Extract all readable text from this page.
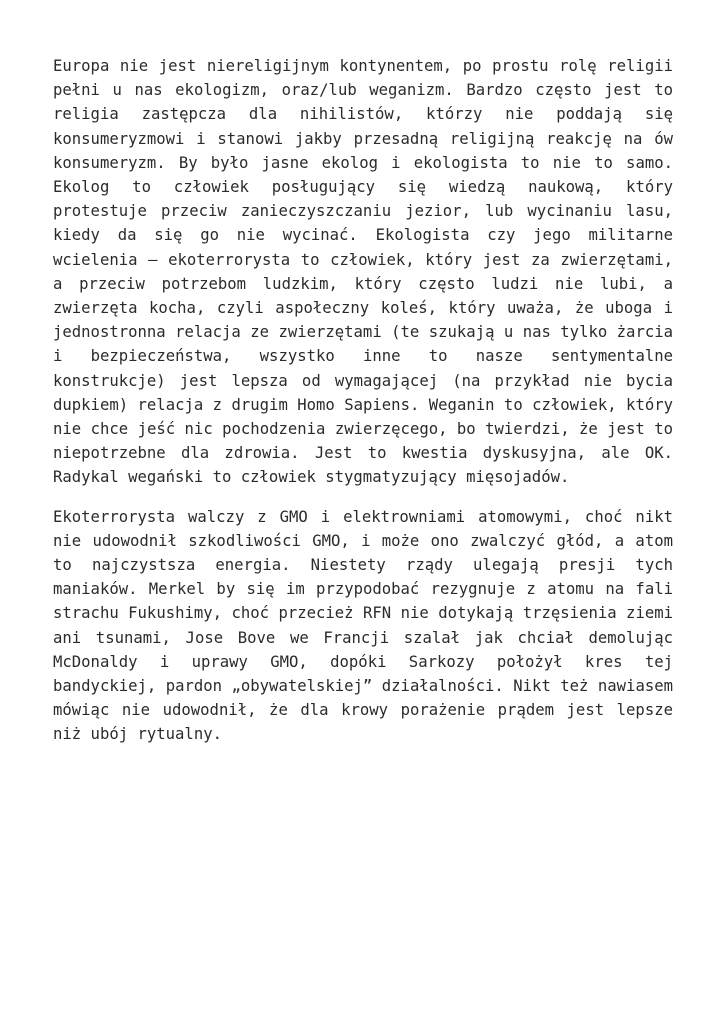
Europa nie jest niereligijnym kontynentem, po prostu rolę religii pełni u nas ekologizm, oraz/lub weganizm. Bardzo często jest to religia zastępcza dla nihilistów, którzy nie poddają się konsumeryzmowi i stanowi jakby przesadną religijną reakcję na ów konsumeryzm. By było jasne ekolog i ekologista to nie to samo. Ekolog to człowiek posługujący się wiedzą naukową, który protestuje przeciw zanieczyszczaniu jezior, lub wycinaniu lasu, kiedy da się go nie wycinać. Ekologista czy jego militarne wcielenia – ekoterrorysta to człowiek, który jest za zwierzętami, a przeciw potrzebom ludzkim, który często ludzi nie lubi, a zwierzęta kocha, czyli aspołeczny koleś, który uważa, że uboga i jednostronna relacja ze zwierzętami (te szukają u nas tylko żarcia i bezpieczeństwa, wszystko inne to nasze sentymentalne konstrukcje) jest lepsza od wymagającej (na przykład nie bycia dupkiem) relacja z drugim Homo Sapiens. Weganin to człowiek, który nie chce jeść nic pochodzenia zwierzęcego, bo twierdzi, że jest to niepotrzebne dla zdrowia. Jest to kwestia dyskusyjna, ale OK. Radykal wegański to człowiek stygmatyzujący mięsojadów.

Ekoterrorysta walczy z GMO i elektrowniami atomowymi, choć nikt nie udowodnił szkodliwości GMO, i może ono zwalczyć głód, a atom to najczystsza energia. Niestety rządy ulegają presji tych maniaków. Merkel by się im przypodobać rezygnuje z atomu na fali strachu Fukushimy, choć przecież RFN nie dotykają trzęsienia ziemi ani tsunami, Jose Bove we Francji szalał jak chciał demolując McDonaldy i uprawy GMO, dopóki Sarkozy położył kres tej bandyckiej, pardon „obywatelskiej” działalności. Nikt też nawiasem mówiąc nie udowodnił, że dla krowy porażenie prądem jest lepsze niż ubój rytualny.
